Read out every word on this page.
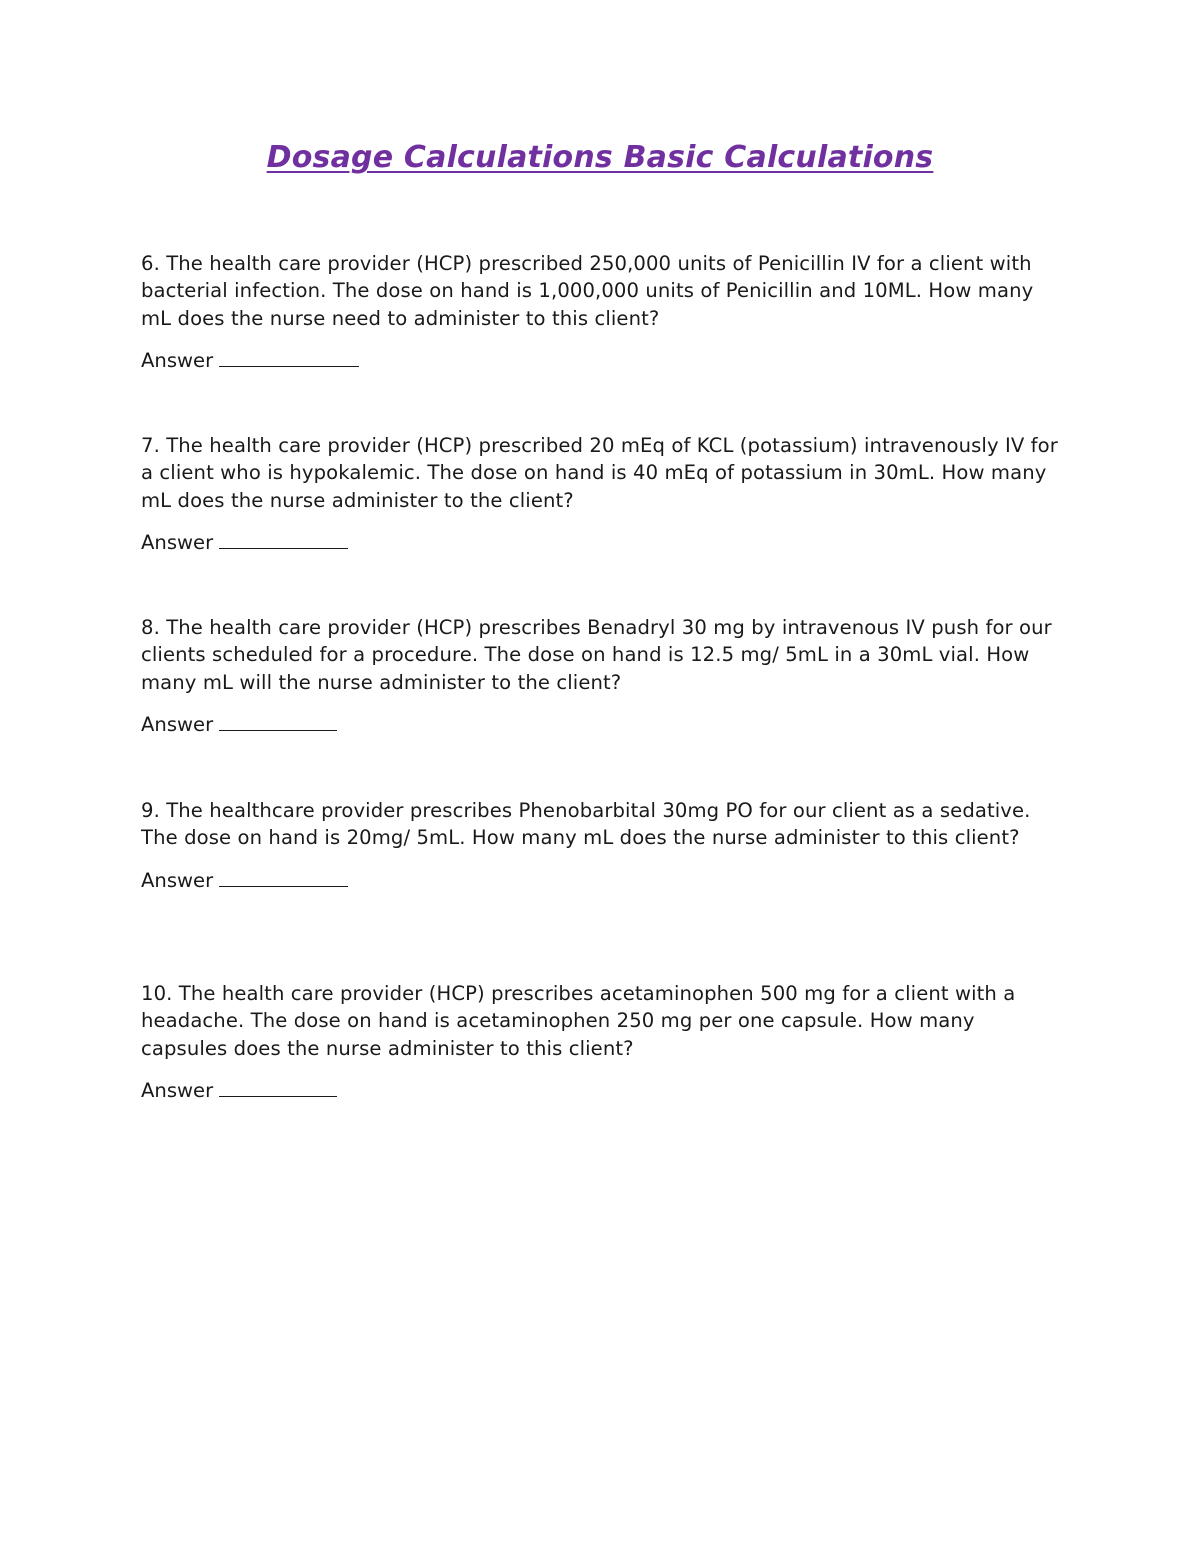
Dosage Calculations Basic Calculations

6. The health care provider (HCP) prescribed 250,000 units of Penicillin IV for a client with bacterial infection. The dose on hand is 1,000,000 units of Penicillin and 10ML. How many mL does the nurse need to administer to this client?

Answer

7. The health care provider (HCP) prescribed 20 mEq of KCL (potassium) intravenously IV for a client who is hypokalemic. The dose on hand is 40 mEq of potassium in 30mL. How many mL does the nurse administer to the client?

Answer

8. The health care provider (HCP) prescribes Benadryl 30 mg by intravenous IV push for our clients scheduled for a procedure. The dose on hand is 12.5 mg/ 5mL in a 30mL vial. How many mL will the nurse administer to the client?

Answer

9. The healthcare provider prescribes Phenobarbital 30mg PO for our client as a sedative. The dose on hand is 20mg/ 5mL. How many mL does the nurse administer to this client?

Answer

10. The health care provider (HCP) prescribes acetaminophen 500 mg for a client with a headache. The dose on hand is acetaminophen 250 mg per one capsule. How many capsules does the nurse administer to this client?

Answer
